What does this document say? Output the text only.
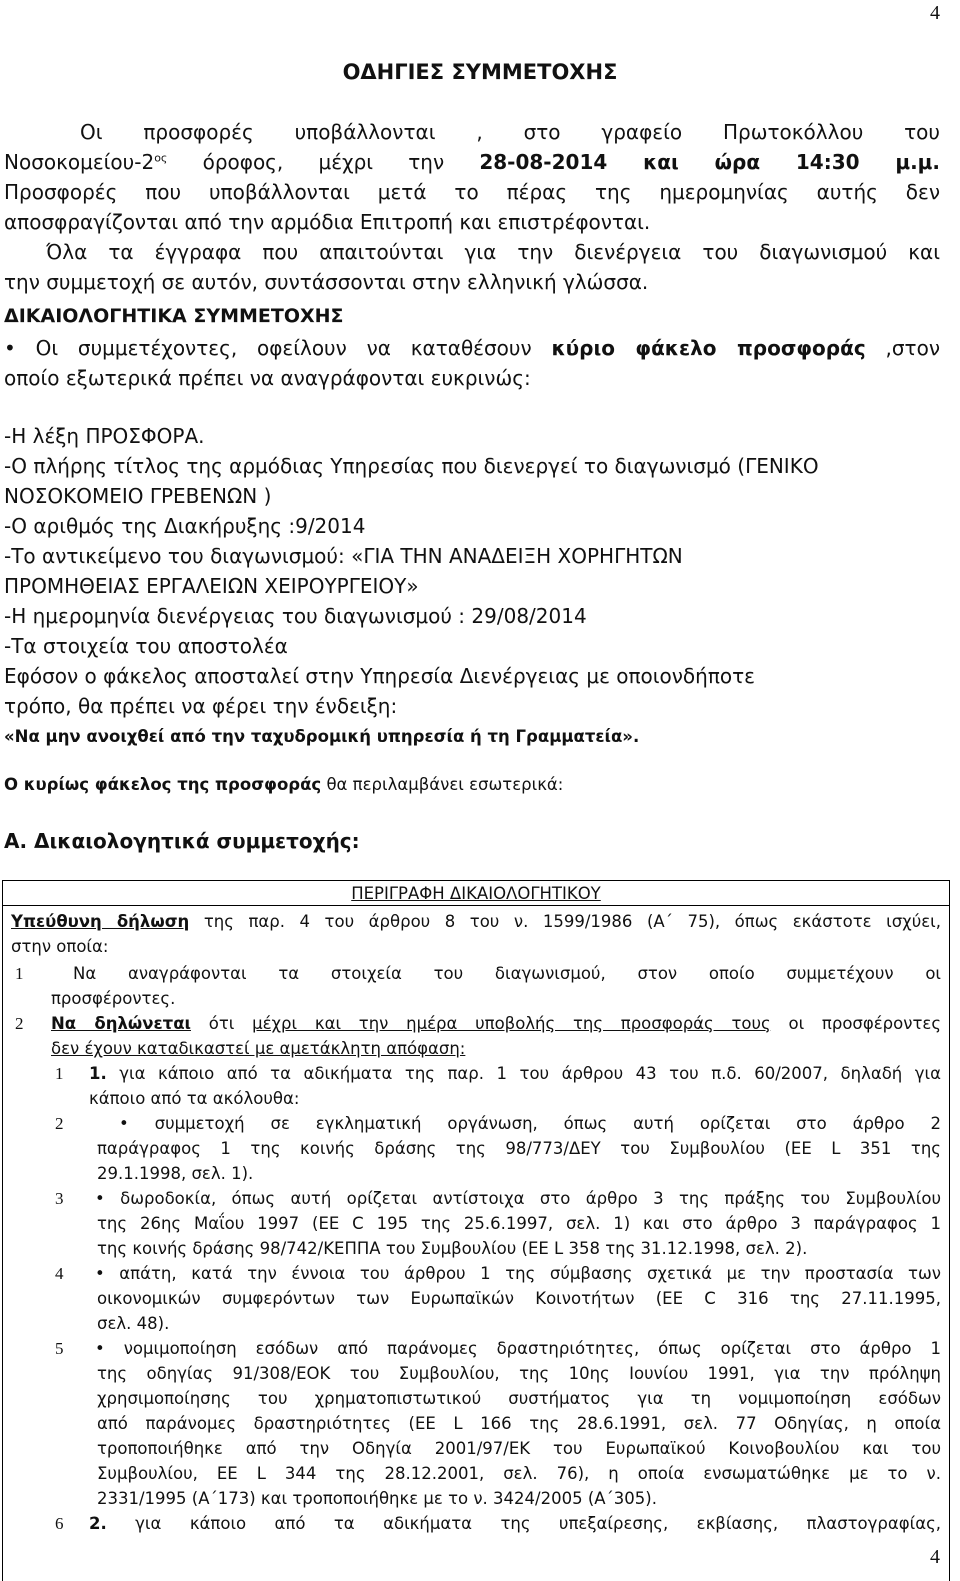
4
ΟΔΗΓΙΕΣ ΣΥΜΜΕΤΟΧΗΣ
Οι προσφορές υποβάλλονται , στο γραφείο Πρωτοκόλλου του
Νοσοκομείου-$2^{o\varsigma}$ όροφος, μέχρι την 28-08-2014 και ώρα 14:30 μ.μ.
Προσφορές που υποβάλλονται μετά το πέρας της ημερομηνίας αυτής δεν
αποσφραγίζονται από την αρμόδια Επιτροπή και επιστρέφονται.
Όλα τα έγγραφα που απαιτούνται για την διενέργεια του διαγωνισμού και
την συμμετοχή σε αυτόν, συντάσσονται στην ελληνική γλώσσα.
ΔΙΚΑΙΟΛΟΓΗΤΙΚΑ ΣΥΜΜΕΤΟΧΗΣ
• Οι συμμετέχοντες, οφείλουν να καταθέσουν κύριο φάκελο προσφοράς ,στον
οποίο εξωτερικά πρέπει να αναγράφονται ευκρινώς:
-Η λέξη ΠΡΟΣΦΟΡΑ.
-Ο πλήρης τίτλος της αρμόδιας Υπηρεσίας που διενεργεί το διαγωνισμό (ΓΕΝΙΚΟ
ΝΟΣΟΚΟΜΕΙΟ ΓΡΕΒΕΝΩΝ )
-Ο αριθμός της Διακήρυξης :9/2014
-Το αντικείμενο του διαγωνισμού: «ΓΙΑ ΤΗΝ ΑΝΑΔΕΙΞΗ ΧΟΡΗΓΗΤΩΝ
ΠΡΟΜΗΘΕΙΑΣ ΕΡΓΑΛΕΙΩΝ ΧΕΙΡΟΥΡΓΕΙΟΥ»
-Η ημερομηνία διενέργειας του διαγωνισμού : 29/08/2014
-Τα στοιχεία του αποστολέα
Εφόσον ο φάκελος αποσταλεί στην Υπηρεσία Διενέργειας με οποιονδήποτε
τρόπο, θα πρέπει να φέρει την ένδειξη:
«Να μην ανοιχθεί από την ταχυδρομική υπηρεσία ή τη Γραμματεία».
Ο κυρίως φάκελος της προσφοράς θα περιλαμβάνει εσωτερικά:
Α. Δικαιολογητικά συμμετοχής:
ΠΕΡΙΓΡΑΦΗ ΔΙΚΑΙΟΛΟΓΗΤΙΚΟΥ
Υπεύθυνη δήλωση της παρ. 4 του άρθρου 8 του ν. 1599/1986 (Α΄ 75), όπως εκάστοτε ισχύει,
στην οποία:
1	Να αναγράφονται τα στοιχεία του διαγωνισμού, στον οποίο συμμετέχουν οι
προσφέροντες.
2 Να δηλώνεται ότι μέχρι και την ημέρα υποβολής της προσφοράς τους οι προσφέροντες
δεν έχουν καταδικαστεί με αμετάκλητη απόφαση:
1 1. για κάποιο από τα αδικήματα της παρ. 1 του άρθρου 43 του π.δ. 60/2007, δηλαδή για
κάποιο από τα ακόλουθα:
2	• συμμετοχή σε εγκληματική οργάνωση, όπως αυτή ορίζεται στο άρθρο 2
παράγραφος 1 της κοινής δράσης της 98/773/ΔΕΥ του Συμβουλίου (ΕΕ L 351 της
29.1.1998, σελ. 1).
3 • δωροδοκία, όπως αυτή ορίζεται αντίστοιχα στο άρθρο 3 της πράξης του Συμβουλίου
της 26ης Μαΐου 1997 (ΕΕ C 195 της 25.6.1997, σελ. 1) και στο άρθρο 3 παράγραφος 1
της κοινής δράσης 98/742/ΚΕΠΠΑ του Συμβουλίου (ΕΕ L 358 της 31.12.1998, σελ. 2).
4 • απάτη, κατά την έννοια του άρθρου 1 της σύμβασης σχετικά με την προστασία των
οικονομικών συμφερόντων των Ευρωπαϊκών Κοινοτήτων (ΕΕ C 316 της 27.11.1995,
σελ. 48).
5 • νομιμοποίηση εσόδων από παράνομες δραστηριότητες, όπως ορίζεται στο άρθρο 1
της οδηγίας 91/308/ΕΟΚ του Συμβουλίου, της 10ης Ιουνίου 1991, για την πρόληψη
χρησιμοποίησης του χρηματοπιστωτικού συστήματος για τη νομιμοποίηση εσόδων
από παράνομες δραστηριότητες (ΕΕ L 166 της 28.6.1991, σελ. 77 Οδηγίας, η οποία
τροποποιήθηκε από την Οδηγία 2001/97/ΕΚ του Ευρωπαϊκού Κοινοβουλίου και του
Συμβουλίου, ΕΕ L 344 της 28.12.2001, σελ. 76), η οποία ενσωματώθηκε με το ν.
2331/1995 (Α΄173) και τροποποιήθηκε με το ν. 3424/2005 (Α΄305).
6 2. για κάποιο από τα αδικήματα της υπεξαίρεσης, εκβίασης, πλαστογραφίας,
4
